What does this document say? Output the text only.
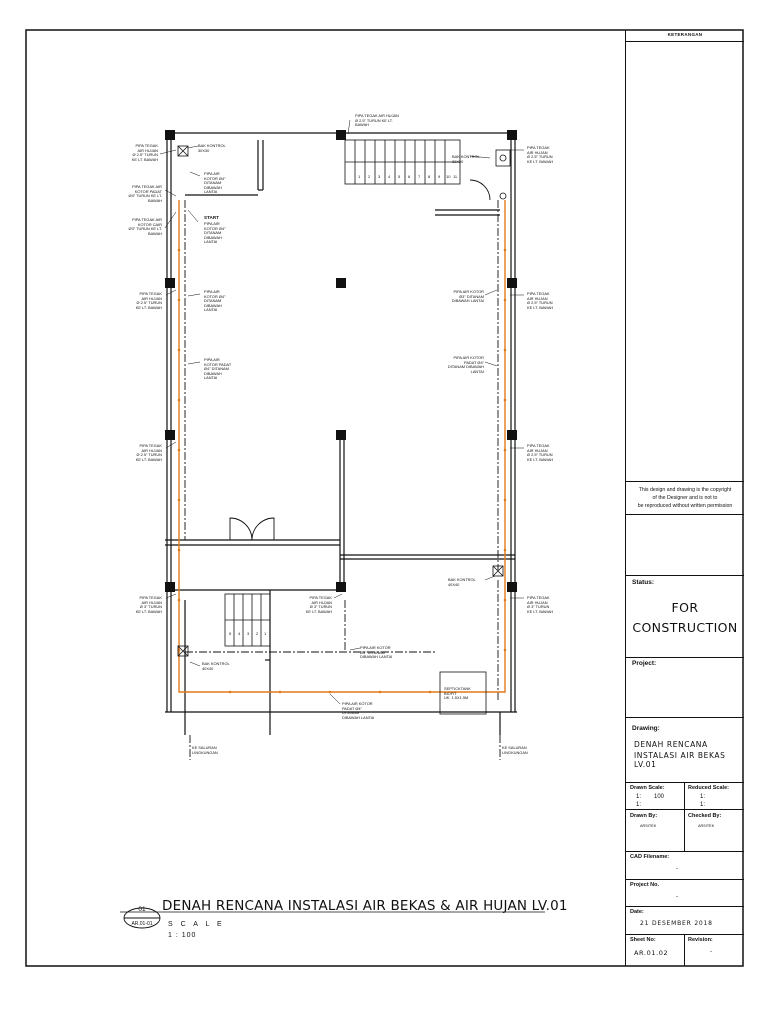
1 2 3 4 5 6 7 8 9 10 11
5 4 3 2 1
PIPA TEGAK AIR HUJAN
Ø 2.5" TURUN KE LT.
BAWAH
BAK KONTROL
30X30
PIPA TEGAK
AIR HUJAN
Ø 2.5" TURUN
KE LT. BAWAH
PIPA AIR
KOTOR Ø4"
DITANAM
DIBAWAH
LANTAI
PIPA TEGAK AIR
KOTOR PADAT
Ø4" TURUN KE LT.
BAWAH
START
PIPA AIR
KOTOR Ø4"
DITANAM
DIBAWAH
LANTAI
PIPA TEGAK AIR
KOTOR CAIR
Ø3" TURUN KE LT.
BAWAH
BAK KONTROL
30X30
PIPA TEGAK
AIR HUJAN
Ø 2.5" TURUN
KE LT. BAWAH
PIPA TEGAK
AIR HUJAN
Ø 2.5" TURUN
KE LT. BAWAH
PIPA AIR
KOTOR Ø4"
DITANAM
DIBAWAH
LANTAI
PIPA AIR KOTOR
Ø3" DITANAM
DIBAWAH LANTAI
PIPA TEGAK
AIR HUJAN
Ø 2.5" TURUN
KE LT. BAWAH
PIPA AIR
KOTOR PADAT
Ø4" DITANAM
DIBAWAH
LANTAI
PIPA AIR KOTOR
PADAT Ø4"
DITANAM DIBAWAH
LANTAI
PIPA TEGAK
AIR HUJAN
Ø 2.5" TURUN
KE LT. BAWAH
PIPA TEGAK
AIR HUJAN
Ø 2.5" TURUN
KE LT. BAWAH
BAK KONTROL
40X40
PIPA TEGAK
AIR HUJAN
Ø 3" TURUN
KE LT. BAWAH
PIPA TEGAK
AIR HUJAN
Ø 3" TURUN
KE LT. BAWAH
PIPA TEGAK
AIR HUJAN
Ø 3" TURUN
KE LT. BAWAH
PIPA AIR KOTOR
Ø3" DITANAM
DIBAWAH LANTAI
BAK KONTROL
40X40
SEPTICKTANK
BIOFIT
UK. 1.5X1.5M
PIPA AIR KOTOR
PADAT Ø4"
DITANAM
DIBAWAH LANTAI
KE SALURAN
LINGKUNGAN
KE SALURAN
LINGKUNGAN
01
AR.01-01
DENAH RENCANA INSTALASI AIR BEKAS & AIR HUJAN LV.01
S C A L E
1 : 100
KETERANGAN
This design and drawing is the copyright
of the Designer and is not to
be reproduced without written permission
Status:
FOR
CONSTRUCTION
Project:
Drawing:
DENAH RENCANA
INSTALASI AIR BEKAS LV.01
Drawn Scale:
1: 100
1:
Reduced Scale:
1:
1:
Drawn By:
ARSITEK
Checked By:
ARSITEK
CAD Filename:
-
Project No.
-
Date:
21 DESEMBER 2018
Sheet No:
AR.01.02
Revision:
-
